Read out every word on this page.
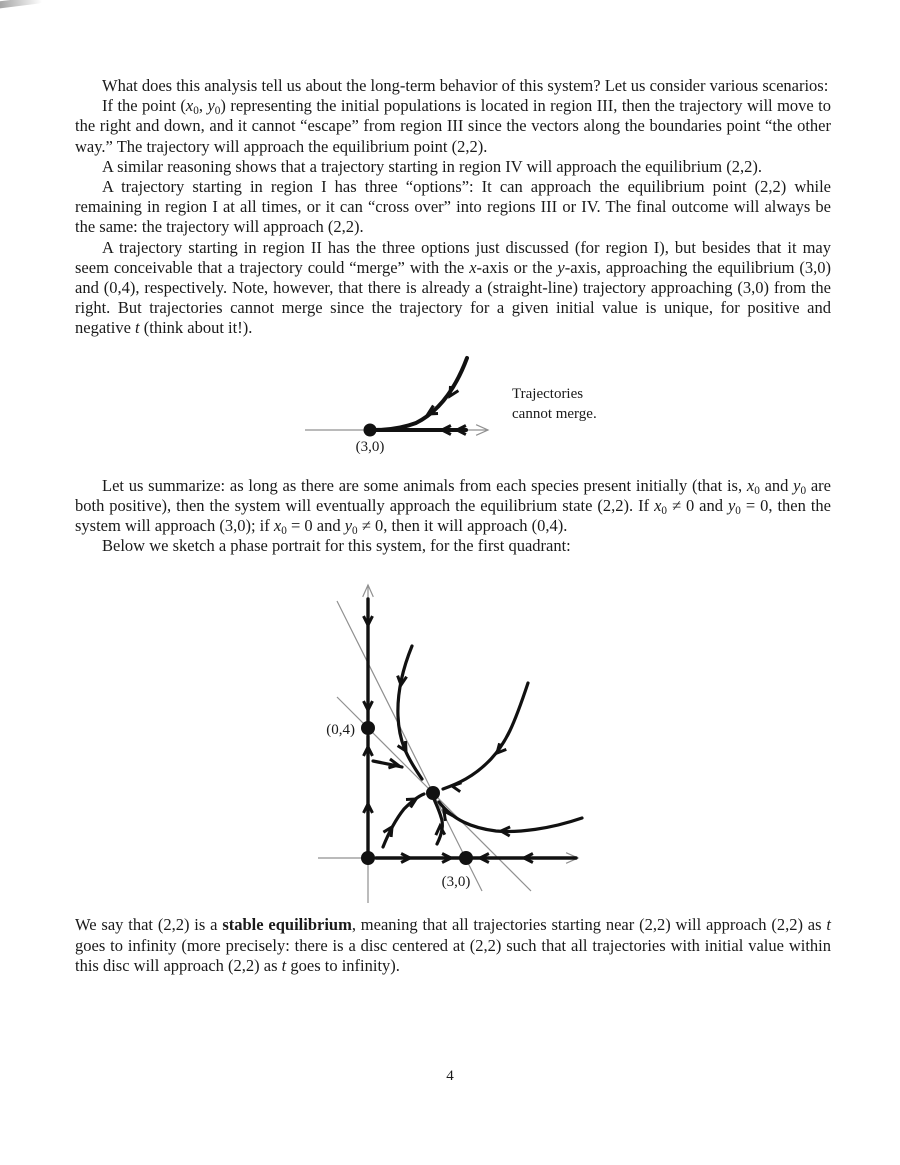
What does this analysis tell us about the long-term behavior of this system? Let us consider various scenarios:

If the point ($x_0$, $y_0$) representing the initial populations is located in region III, then the trajectory will move to the right and down, and it cannot “escape” from region III since the vectors along the boundaries point “the other way.” The trajectory will approach the equilibrium point (2,2).

A similar reasoning shows that a trajectory starting in region IV will approach the equilibrium (2,2).

A trajectory starting in region I has three “options”: It can approach the equilibrium point (2,2) while remaining in region I at all times, or it can “cross over” into regions III or IV. The final outcome will always be the same: the trajectory will approach (2,2).

A trajectory starting in region II has the three options just discussed (for region I), but besides that it may seem conceivable that a trajectory could “merge” with the x-axis or the y-axis, approaching the equilibrium (3,0) and (0,4), respectively. Note, however, that there is already a (straight-line) trajectory approaching (3,0) from the right. But trajectories cannot merge since the trajectory for a given initial value is unique, for positive and negative t (think about it!).

(3,0)
Trajectories
cannot merge.

Let us summarize: as long as there are some animals from each species present initially (that is, $x_0$ and $y_0$ are both positive), then the system will eventually approach the equilibrium state (2,2). If $x_0 \ne 0$ and $y_0 = 0$, then the system will approach (3,0); if $x_0 = 0$ and $y_0 \ne 0$, then it will approach (0,4).

Below we sketch a phase portrait for this system, for the first quadrant:

(0,4)
(3,0)

We say that (2,2) is a stable equilibrium, meaning that all trajectories starting near (2,2) will approach (2,2) as t goes to infinity (more precisely: there is a disc centered at (2,2) such that all trajectories with initial value within this disc will approach (2,2) as t goes to infinity).

4
